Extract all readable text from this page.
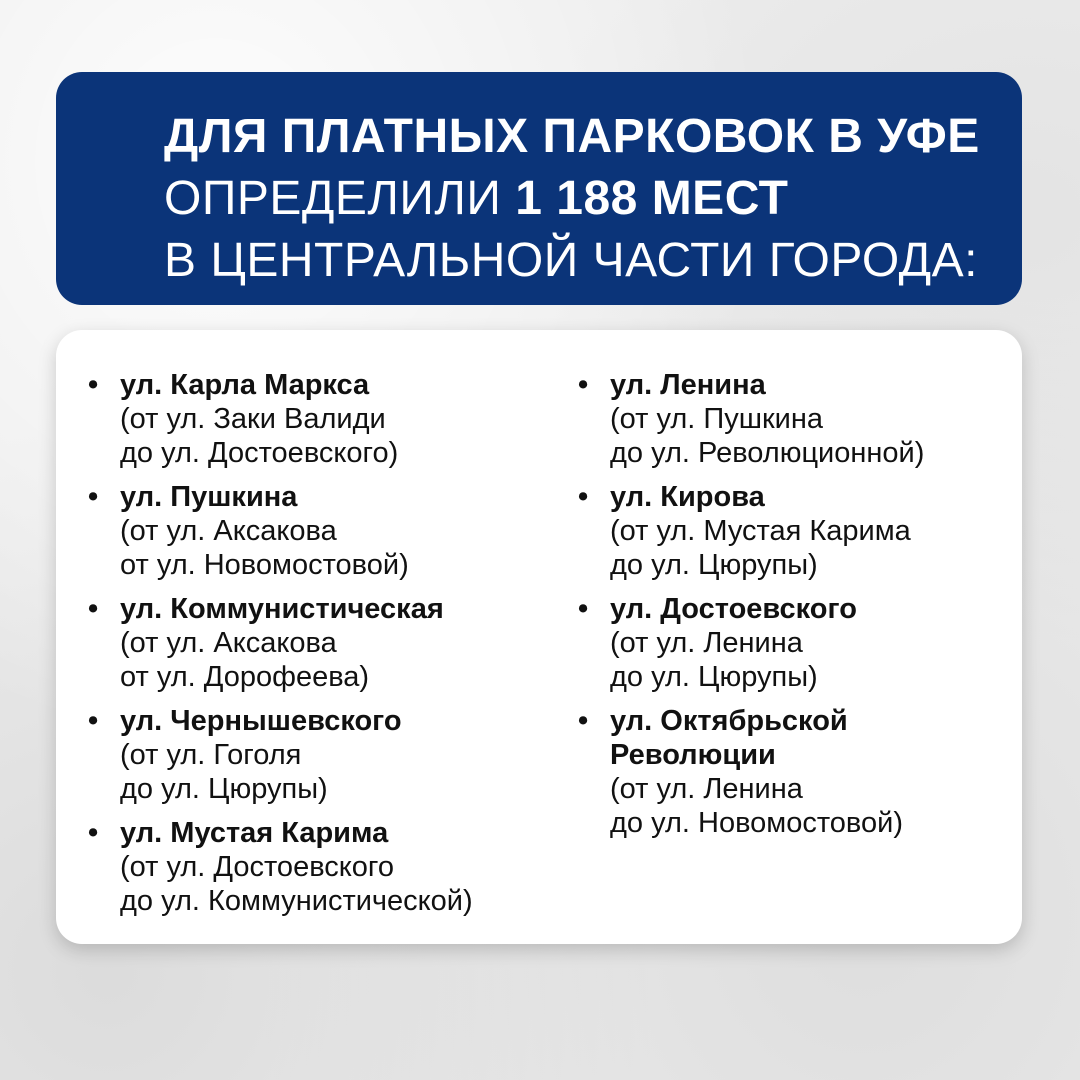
ДЛЯ ПЛАТНЫХ ПАРКОВОК В УФЕ
ОПРЕДЕЛИЛИ 1 188 МЕСТ
В ЦЕНТРАЛЬНОЙ ЧАСТИ ГОРОДА:
• ул. Карла Маркса
(от ул. Заки Валиди
до ул. Достоевского)
• ул. Пушкина
(от ул. Аксакова
от ул. Новомостовой)
• ул. Коммунистическая
(от ул. Аксакова
от ул. Дорофеева)
• ул. Чернышевского
(от ул. Гоголя
до ул. Цюрупы)
• ул. Мустая Карима
(от ул. Достоевского
до ул. Коммунистической)
• ул. Ленина
(от ул. Пушкина
до ул. Революционной)
• ул. Кирова
(от ул. Мустая Карима
до ул. Цюрупы)
• ул. Достоевского
(от ул. Ленина
до ул. Цюрупы)
• ул. Октябрьской
Революции
(от ул. Ленина
до ул. Новомостовой)
